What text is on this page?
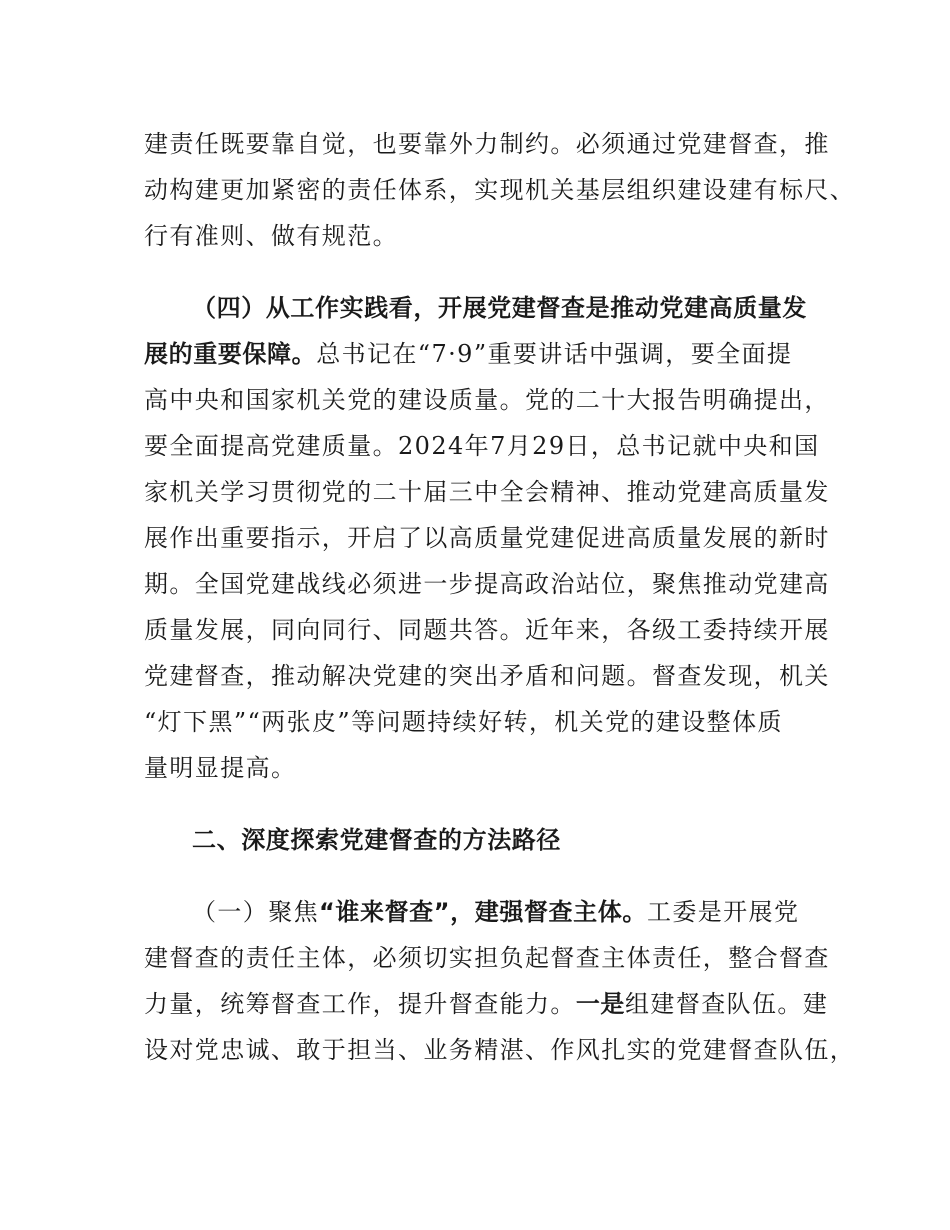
建责任既要靠自觉，也要靠外力制约。必须通过党建督查，推
动构建更加紧密的责任体系，实现机关基层组织建设建有标尺、
行有准则、做有规范。
（四）从工作实践看，开展党建督查是推动党建高质量发
展的重要保障。总书记在“7·9”重要讲话中强调，要全面提
高中央和国家机关党的建设质量。党的二十大报告明确提出，
要全面提高党建质量。2024年7月29日，总书记就中央和国
家机关学习贯彻党的二十届三中全会精神、推动党建高质量发
展作出重要指示，开启了以高质量党建促进高质量发展的新时
期。全国党建战线必须进一步提高政治站位，聚焦推动党建高
质量发展，同向同行、同题共答。近年来，各级工委持续开展
党建督查，推动解决党建的突出矛盾和问题。督查发现，机关
“灯下黑”“两张皮”等问题持续好转，机关党的建设整体质
量明显提高。
二、深度探索党建督查的方法路径
（一）聚焦“谁来督查”，建强督查主体。工委是开展党
建督查的责任主体，必须切实担负起督查主体责任，整合督查
力量，统筹督查工作，提升督查能力。一是组建督查队伍。建
设对党忠诚、敢于担当、业务精湛、作风扎实的党建督查队伍，
